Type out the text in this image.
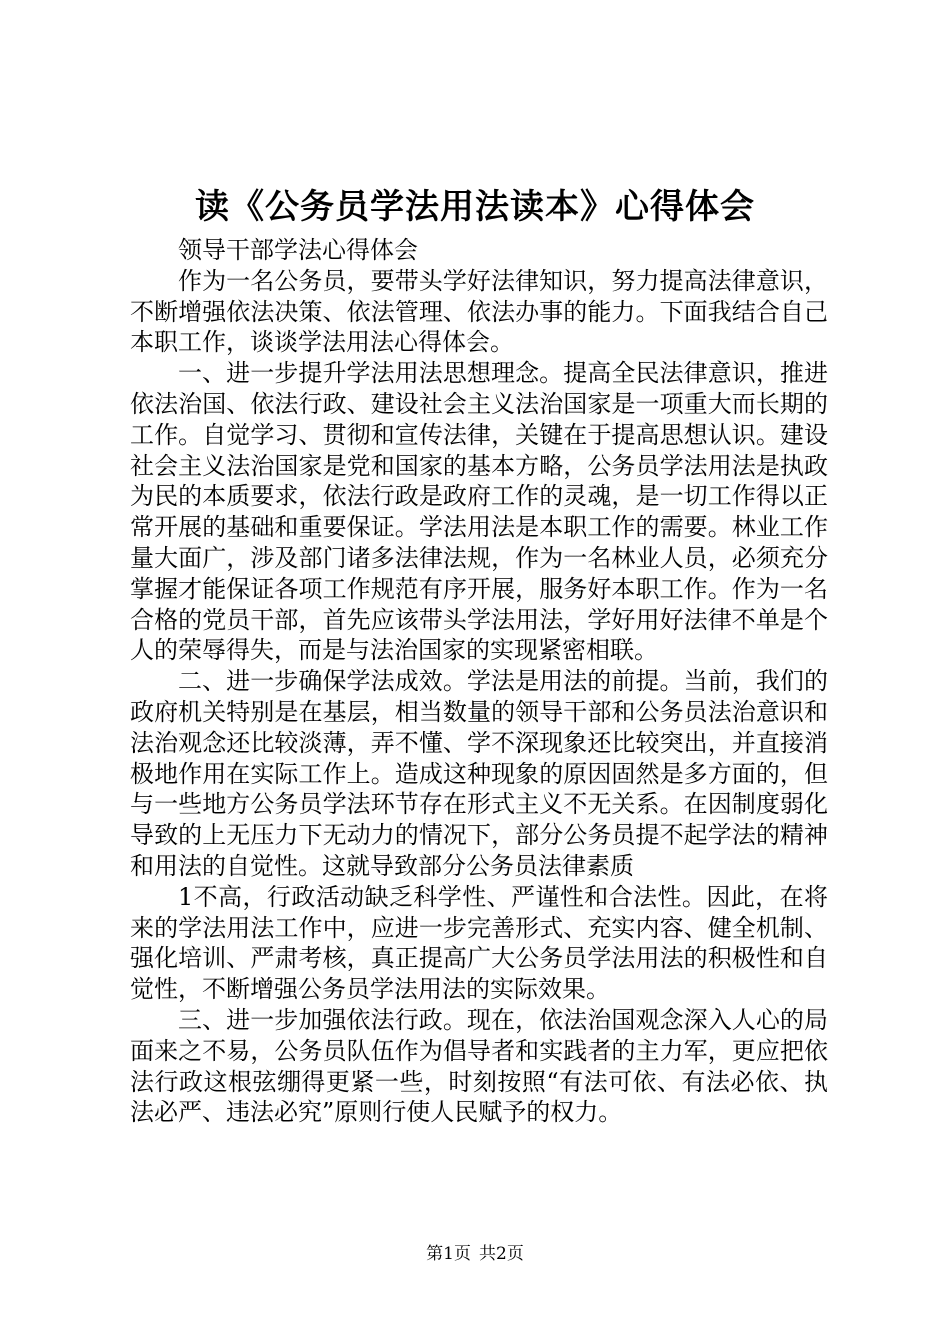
读《公务员学法用法读本》心得体会

领导干部学法心得体会

作为一名公务员，要带头学好法律知识，努力提高法律意识，不断增强依法决策、依法管理、依法办事的能力。下面我结合自己本职工作，谈谈学法用法心得体会。

一、进一步提升学法用法思想理念。提高全民法律意识，推进依法治国、依法行政、建设社会主义法治国家是一项重大而长期的工作。自觉学习、贯彻和宣传法律，关键在于提高思想认识。建设社会主义法治国家是党和国家的基本方略，公务员学法用法是执政为民的本质要求，依法行政是政府工作的灵魂，是一切工作得以正常开展的基础和重要保证。学法用法是本职工作的需要。林业工作量大面广，涉及部门诸多法律法规，作为一名林业人员，必须充分掌握才能保证各项工作规范有序开展，服务好本职工作。作为一名合格的党员干部，首先应该带头学法用法，学好用好法律不单是个人的荣辱得失，而是与法治国家的实现紧密相联。

二、进一步确保学法成效。学法是用法的前提。当前，我们的政府机关特别是在基层，相当数量的领导干部和公务员法治意识和法治观念还比较淡薄，弄不懂、学不深现象还比较突出，并直接消极地作用在实际工作上。造成这种现象的原因固然是多方面的，但与一些地方公务员学法环节存在形式主义不无关系。在因制度弱化导致的上无压力下无动力的情况下，部分公务员提不起学法的精神和用法的自觉性。这就导致部分公务员法律素质

1不高，行政活动缺乏科学性、严谨性和合法性。因此，在将来的学法用法工作中，应进一步完善形式、充实内容、健全机制、强化培训、严肃考核，真正提高广大公务员学法用法的积极性和自觉性，不断增强公务员学法用法的实际效果。

三、进一步加强依法行政。现在，依法治国观念深入人心的局面来之不易，公务员队伍作为倡导者和实践者的主力军，更应把依法行政这根弦绷得更紧一些，时刻按照“有法可依、有法必依、执法必严、违法必究”原则行使人民赋予的权力。

第1页 共2页
